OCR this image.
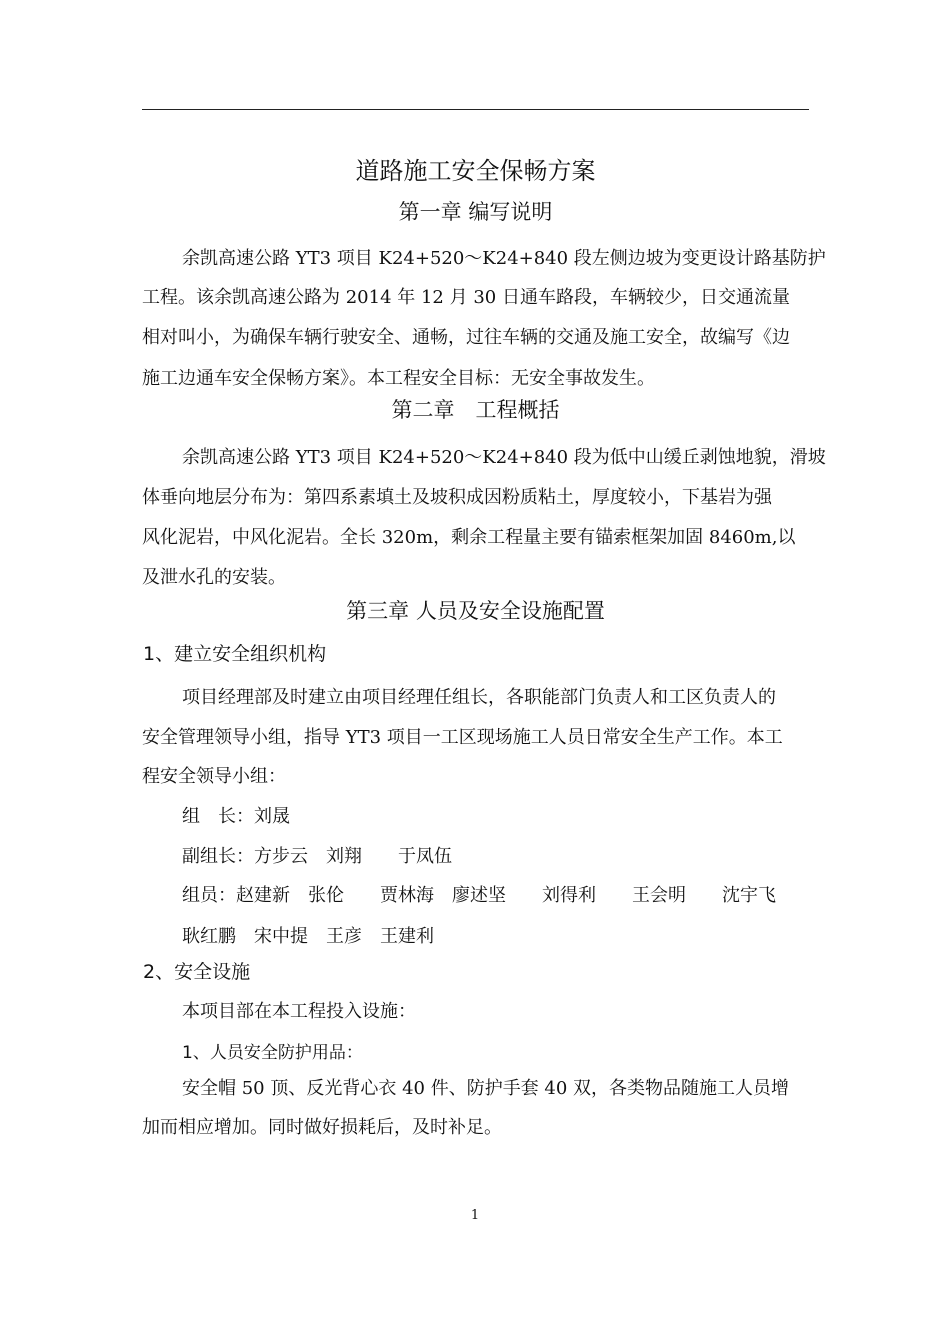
道路施工安全保畅方案
第一章 编写说明
余凯高速公路 YT3 项目 K24+520～K24+840 段左侧边坡为变更设计路基防护
工程。该余凯高速公路为 2014 年 12 月 30 日通车路段，车辆较少，日交通流量
相对叫小，为确保车辆行驶安全、通畅，过往车辆的交通及施工安全，故编写《边
施工边通车安全保畅方案》。本工程安全目标：无安全事故发生。
第二章　工程概括
余凯高速公路 YT3 项目 K24+520～K24+840 段为低中山缓丘剥蚀地貌，滑坡
体垂向地层分布为：第四系素填土及坡积成因粉质粘土，厚度较小，下基岩为强
风化泥岩，中风化泥岩。全长 320m，剩余工程量主要有锚索框架加固 8460m,以
及泄水孔的安装。
第三章 人员及安全设施配置
1、建立安全组织机构
项目经理部及时建立由项目经理任组长，各职能部门负责人和工区负责人的
安全管理领导小组，指导 YT3 项目一工区现场施工人员日常安全生产工作。本工
程安全领导小组：
组　长：刘晟
副组长：方步云　刘翔　　于凤伍
组员：赵建新　张伦　　贾林海　廖述坚　　刘得利　　王会明　　沈宇飞
耿红鹏　宋中提　王彦　王建利
2、安全设施
本项目部在本工程投入设施：
1、人员安全防护用品：
安全帽 50 顶、反光背心衣 40 件、防护手套 40 双，各类物品随施工人员增
加而相应增加。同时做好损耗后，及时补足。
1
